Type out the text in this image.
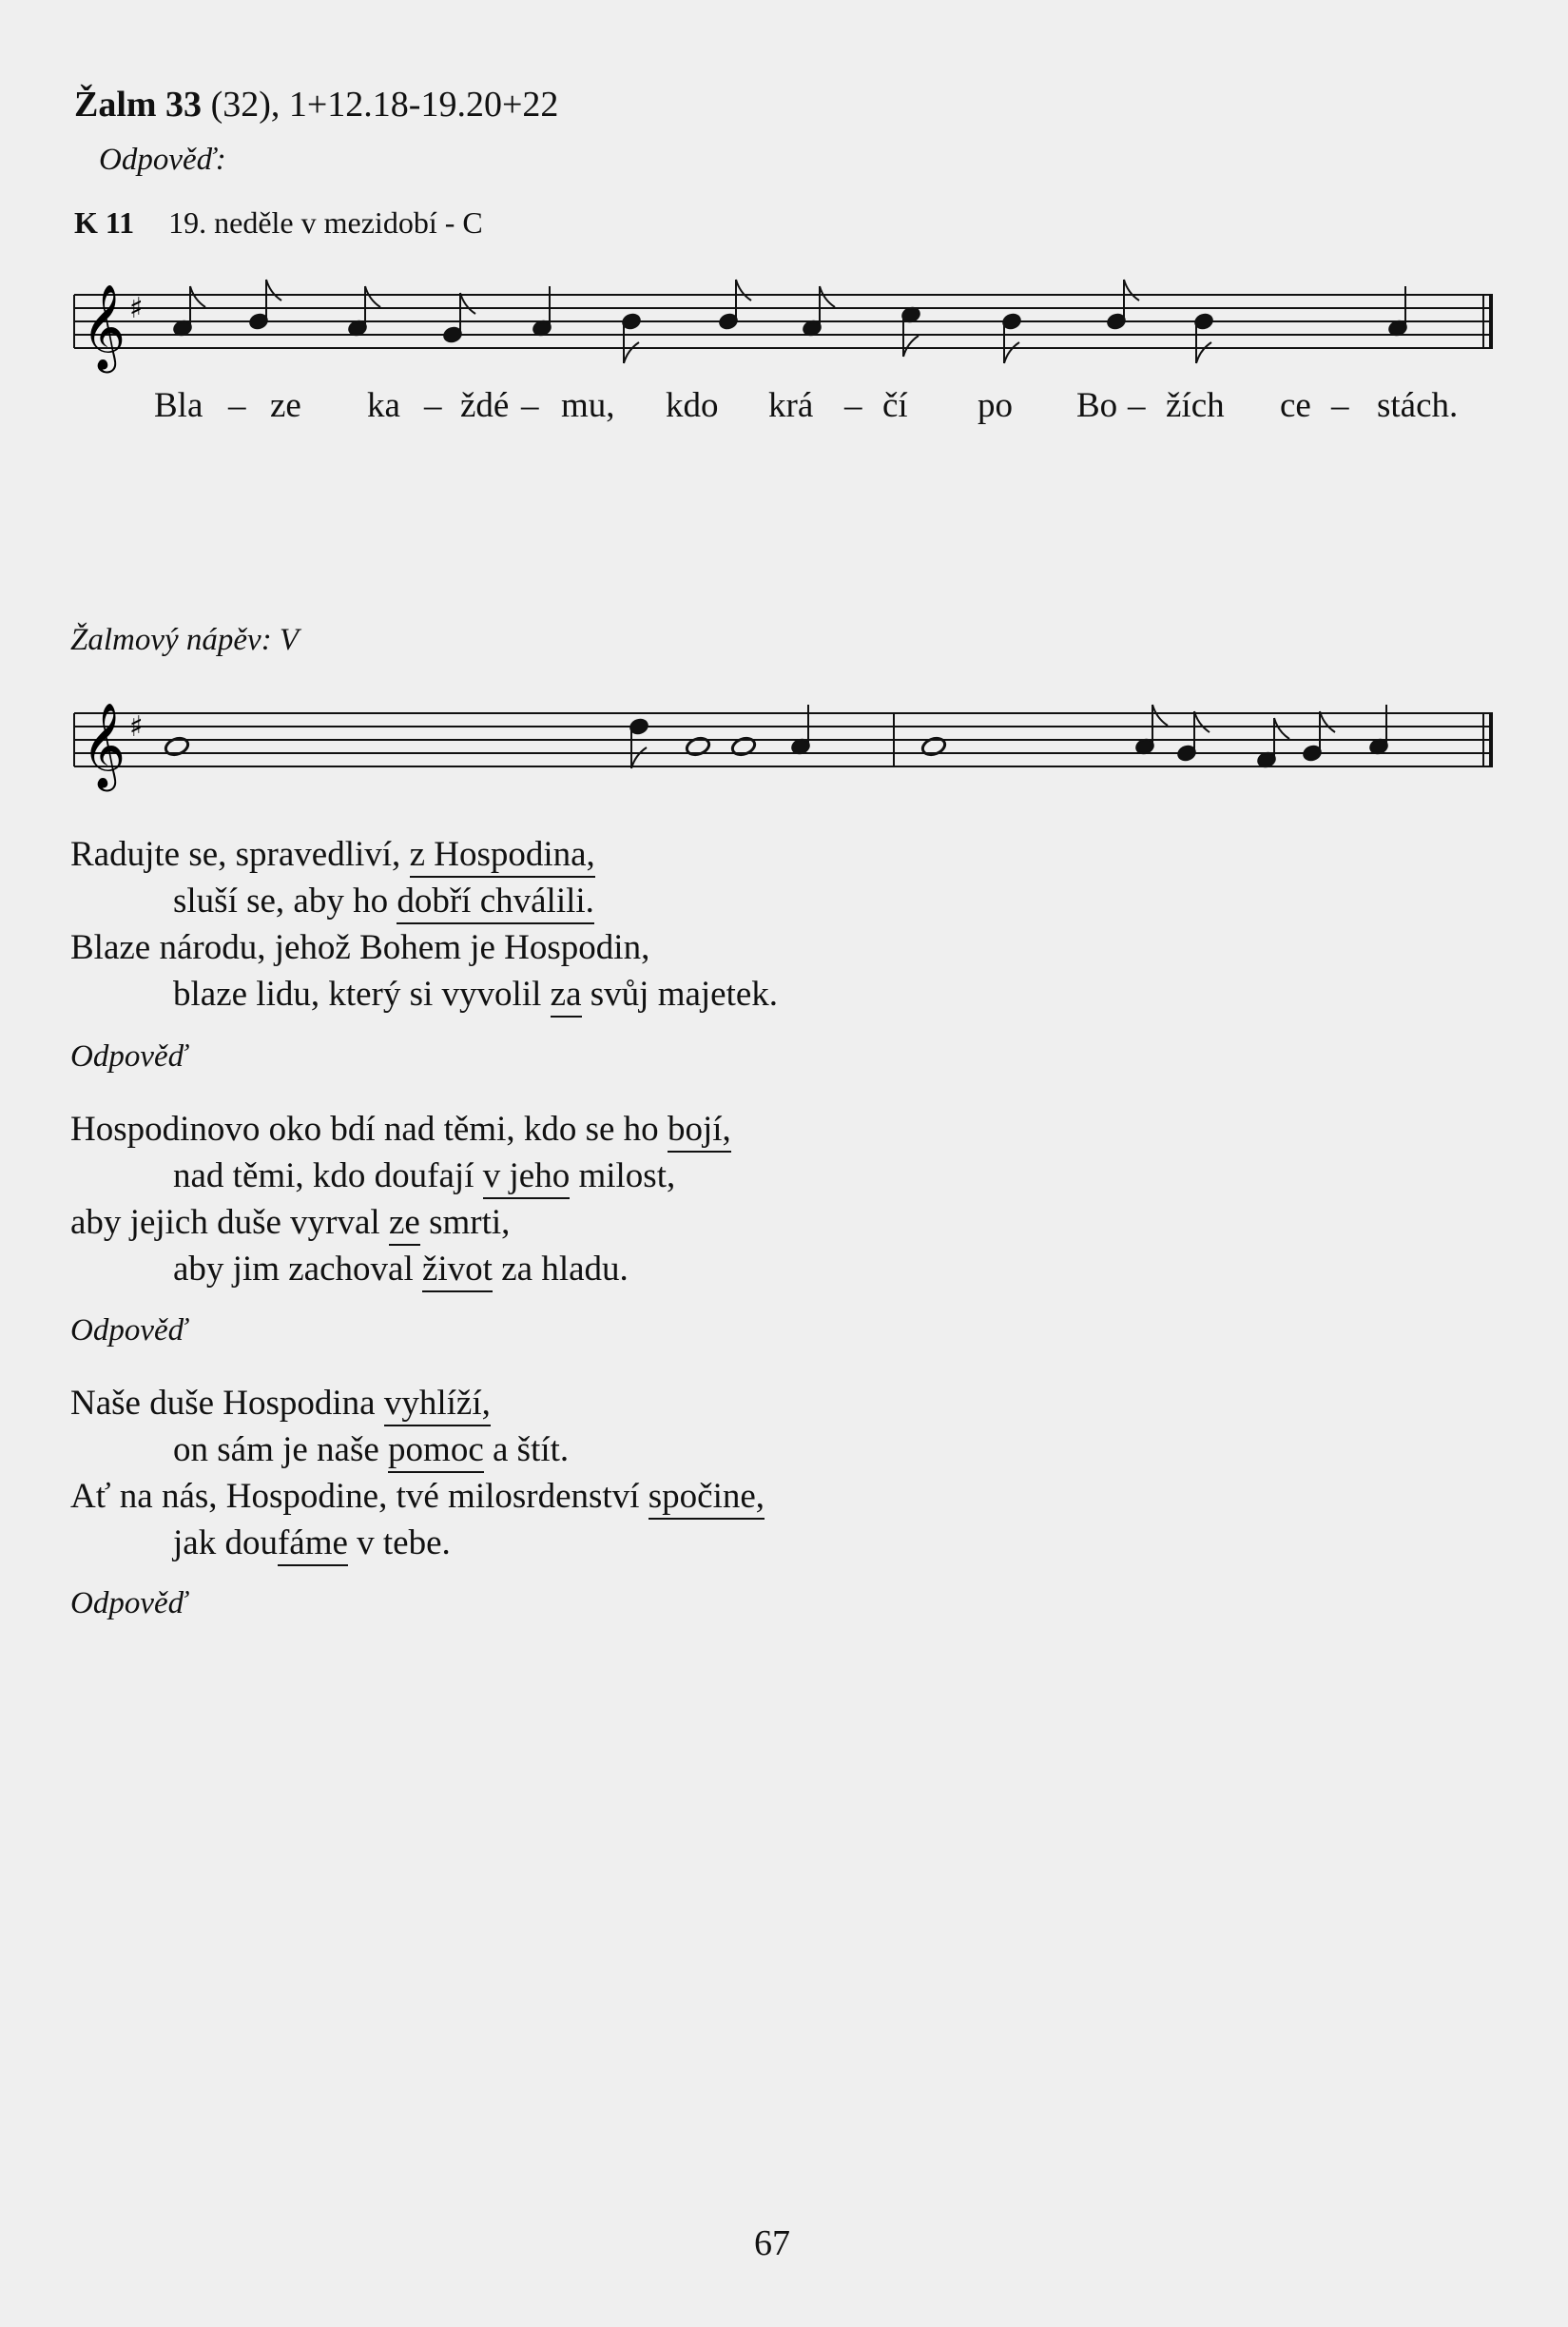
Žalm 33 (32), 1+12.18-19.20+22
Odpověď:
K 11 19. neděle v mezidobí - C
𝄞 ♯
Bla – ze ka – ždé – mu, kdo krá – čí po Bo – žích ce – stách.
Žalmový nápěv: V
𝄞 ♯
Radujte se, spravedliví, z Hospodina,
sluší se, aby ho dobří chválili.
Blaze národu, jehož Bohem je Hospodin,
blaze lidu, který si vyvolil za svůj majetek.
Odpověď
Hospodinovo oko bdí nad těmi, kdo se ho bojí,
nad těmi, kdo doufají v jeho milost,
aby jejich duše vyrval ze smrti,
aby jim zachoval život za hladu.
Odpověď
Naše duše Hospodina vyhlíží,
on sám je naše pomoc a štít.
Ať na nás, Hospodine, tvé milosrdenství spočine,
jak doufáme v tebe.
Odpověď
67
